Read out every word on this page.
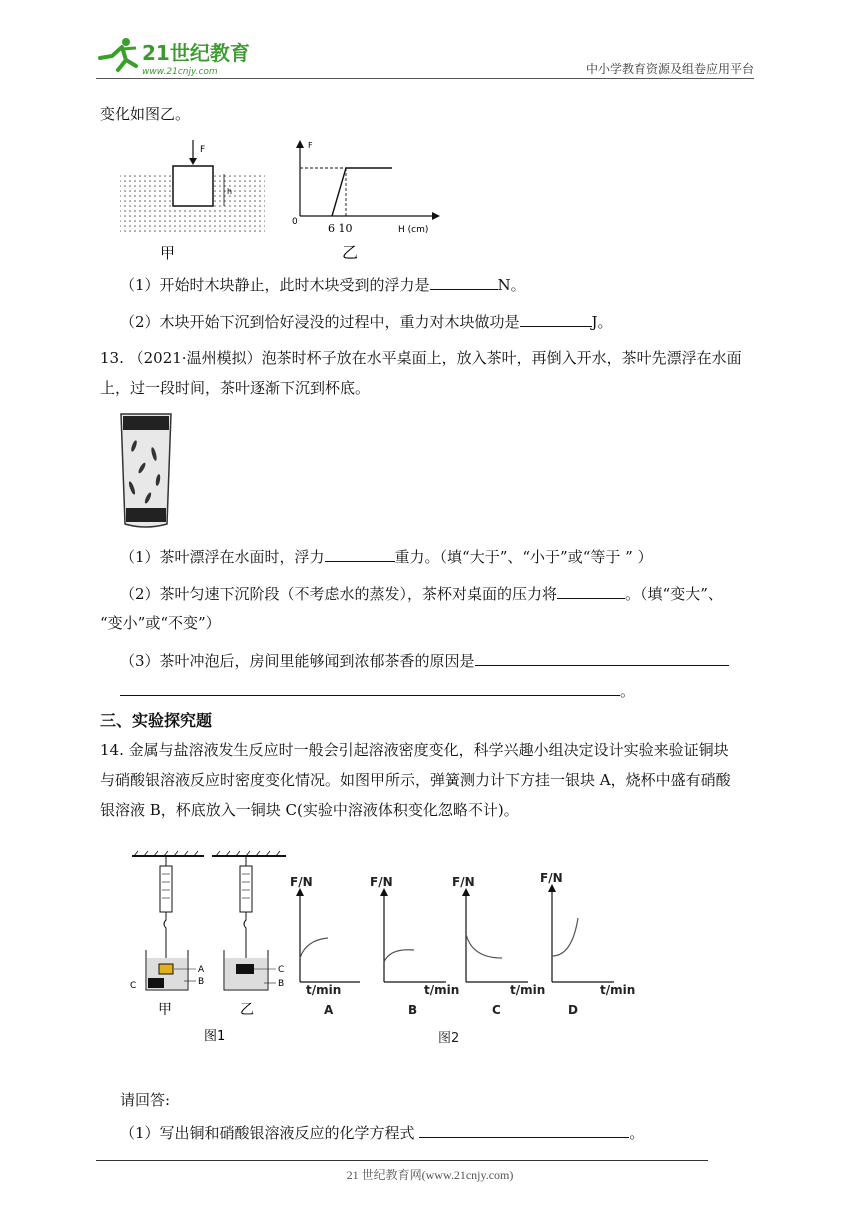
21世纪教育
www.21cnjy.com	中小学教育资源及组卷应用平台
变化如图乙。
F
h
甲
F
0	6 10	H (cm)
乙
（1）开始时木块静止，此时木块受到的浮力是	N。
（2）木块开始下沉到恰好浸没的过程中，重力对木块做功是	J。
13. （2021·温州模拟）泡茶时杯子放在水平桌面上，放入茶叶，再倒入开水，茶叶先漂浮在水面
上，过一段时间，茶叶逐渐下沉到杯底。
（1）茶叶漂浮在水面时，浮力	重力。（填“大于”、“小于”或“等于 ” ）
（2）茶叶匀速下沉阶段（不考虑水的蒸发），茶杯对桌面的压力将	。（填“变大”、
“变小”或“不变”）
（3）茶叶冲泡后，房间里能够闻到浓郁茶香的原因是
。
三、实验探究题
14. 金属与盐溶液发生反应时一般会引起溶液密度变化，科学兴趣小组决定设计实验来验证铜块
与硝酸银溶液反应时密度变化情况。如图甲所示，弹簧测力计下方挂一银块 A，烧杯中盛有硝酸
银溶液 B，杯底放入一铜块 C(实验中溶液体积变化忽略不计)。
A
B
C
甲
C
B
乙
图1
F/N
t/min
A
F/N
t/min
B
F/N
t/min
C
F/N
t/min
D
图2
请回答:
（1）写出铜和硝酸银溶液反应的化学方程式	。
21 世纪教育网(www.21cnjy.com)
